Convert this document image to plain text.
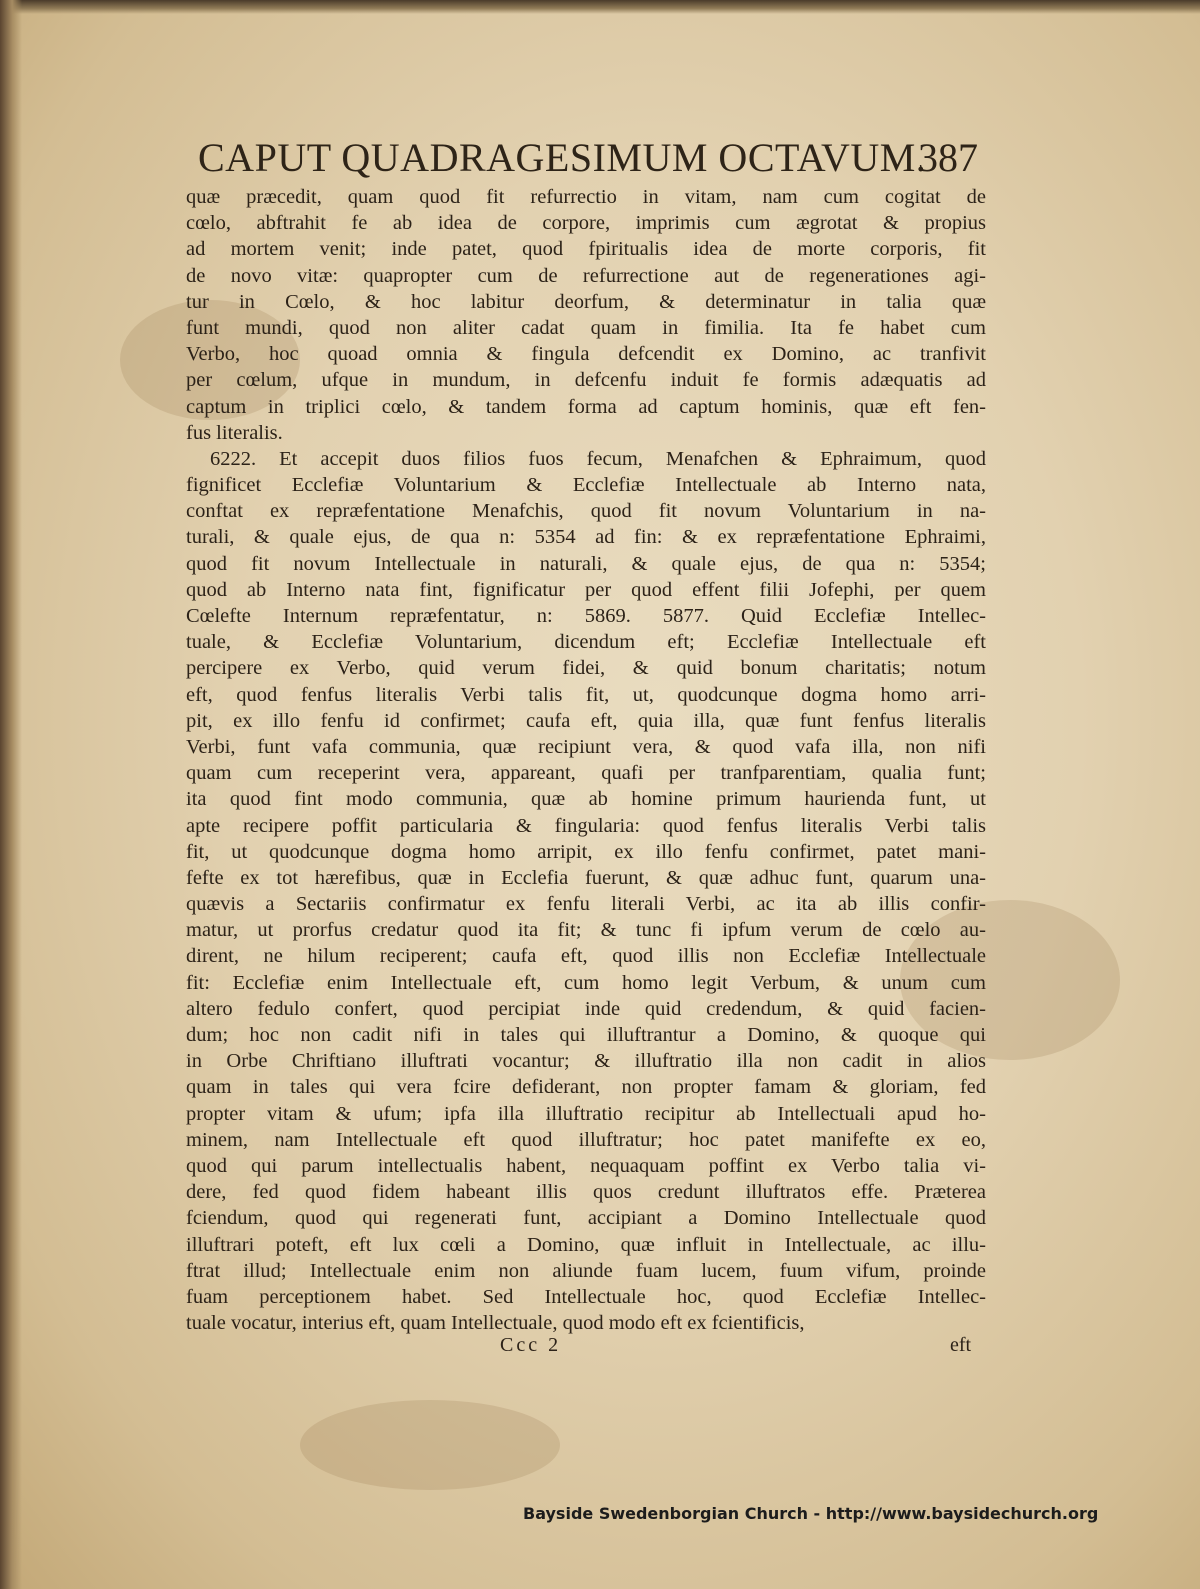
CAPUT QUADRAGESIMUM OCTAVUM.
387
quæ præcedit, quam quod fit refurrectio in vitam, nam cum cogitat de
cœlo, abftrahit fe ab idea de corpore, imprimis cum ægrotat & propius
ad mortem venit; inde patet, quod fpiritualis idea de morte corporis, fit
de novo vitæ: quapropter cum de refurrectione aut de regenerationes agi-
tur in Cœlo, & hoc labitur deorfum, & determinatur in talia quæ
funt mundi, quod non aliter cadat quam in fimilia. Ita fe habet cum
Verbo, hoc quoad omnia & fingula defcendit ex Domino, ac tranfivit
per cœlum, ufque in mundum, in defcenfu induit fe formis adæquatis ad
captum in triplici cœlo, & tandem forma ad captum hominis, quæ eft fen-
fus literalis.
6222. Et accepit duos filios fuos fecum, Menafchen & Ephraimum, quod
fignificet Ecclefiæ Voluntarium & Ecclefiæ Intellectuale ab Interno nata,
conftat ex repræfentatione Menafchis, quod fit novum Voluntarium in na-
turali, & quale ejus, de qua n: 5354 ad fin: & ex repræfentatione Ephraimi,
quod fit novum Intellectuale in naturali, & quale ejus, de qua n: 5354;
quod ab Interno nata fint, fignificatur per quod effent filii Jofephi, per quem
Cœlefte Internum repræfentatur, n: 5869. 5877. Quid Ecclefiæ Intellec-
tuale, & Ecclefiæ Voluntarium, dicendum eft; Ecclefiæ Intellectuale eft
percipere ex Verbo, quid verum fidei, & quid bonum charitatis; notum
eft, quod fenfus literalis Verbi talis fit, ut, quodcunque dogma homo arri-
pit, ex illo fenfu id confirmet; caufa eft, quia illa, quæ funt fenfus literalis
Verbi, funt vafa communia, quæ recipiunt vera, & quod vafa illa, non nifi
quam cum receperint vera, appareant, quafi per tranfparentiam, qualia funt;
ita quod fint modo communia, quæ ab homine primum haurienda funt, ut
apte recipere poffit particularia & fingularia: quod fenfus literalis Verbi talis
fit, ut quodcunque dogma homo arripit, ex illo fenfu confirmet, patet mani-
fefte ex tot hærefibus, quæ in Ecclefia fuerunt, & quæ adhuc funt, quarum una-
quævis a Sectariis confirmatur ex fenfu literali Verbi, ac ita ab illis confir-
matur, ut prorfus credatur quod ita fit; & tunc fi ipfum verum de cœlo au-
dirent, ne hilum reciperent; caufa eft, quod illis non Ecclefiæ Intellectuale
fit: Ecclefiæ enim Intellectuale eft, cum homo legit Verbum, & unum cum
altero fedulo confert, quod percipiat inde quid credendum, & quid facien-
dum; hoc non cadit nifi in tales qui illuftrantur a Domino, & quoque qui
in Orbe Chriftiano illuftrati vocantur; & illuftratio illa non cadit in alios
quam in tales qui vera fcire defiderant, non propter famam & gloriam, fed
propter vitam & ufum; ipfa illa illuftratio recipitur ab Intellectuali apud ho-
minem, nam Intellectuale eft quod illuftratur; hoc patet manifefte ex eo,
quod qui parum intellectualis habent, nequaquam poffint ex Verbo talia vi-
dere, fed quod fidem habeant illis quos credunt illuftratos effe. Præterea
fciendum, quod qui regenerati funt, accipiant a Domino Intellectuale quod
illuftrari poteft, eft lux cœli a Domino, quæ influit in Intellectuale, ac illu-
ftrat illud; Intellectuale enim non aliunde fuam lucem, fuum vifum, proinde
fuam perceptionem habet. Sed Intellectuale hoc, quod Ecclefiæ Intellec-
tuale vocatur, interius eft, quam Intellectuale, quod modo eft ex fcientificis,
Ccc 2	eft
Bayside Swedenborgian Church - http://www.baysidechurch.org
